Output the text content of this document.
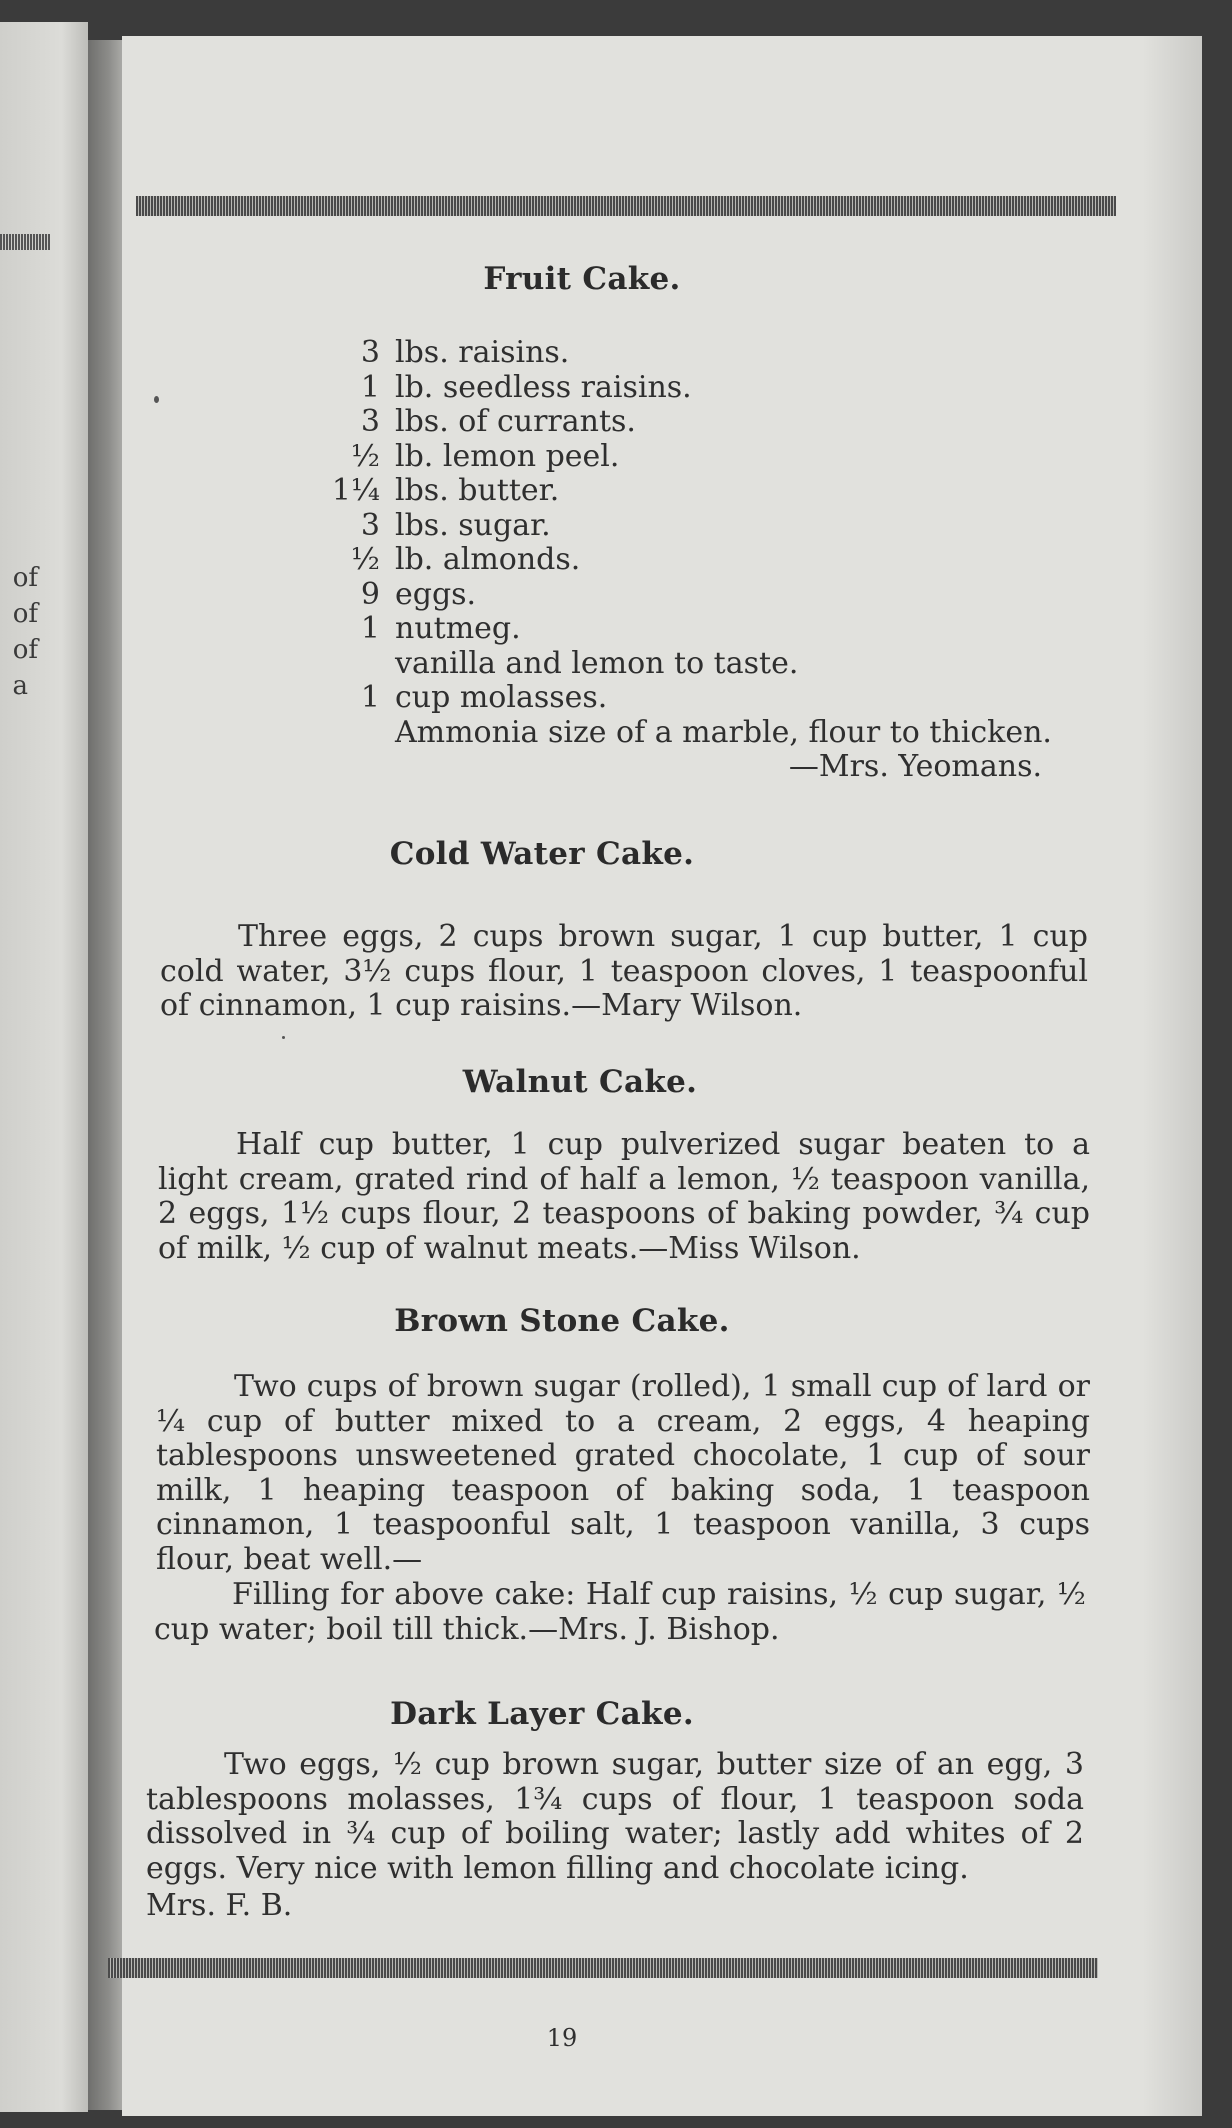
of
of
of
a
Fruit Cake.
3 lbs. raisins.
1 lb. seedless raisins.
3 lbs. of currants.
½ lb. lemon peel.
1¼ lbs. butter.
3 lbs. sugar.
½ lb. almonds.
9 eggs.
1 nutmeg.
vanilla and lemon to taste.
1 cup molasses.
Ammonia size of a marble, flour to thicken.
—Mrs. Yeomans.
Cold Water Cake.

Three eggs, 2 cups brown sugar, 1 cup butter, 1 cup cold water, 3½ cups flour, 1 teaspoon cloves, 1 teaspoonful of cinnamon, 1 cup raisins.—Mary Wilson.

Walnut Cake.

Half cup butter, 1 cup pulverized sugar beaten to a light cream, grated rind of half a lemon, ½ teaspoon vanilla, 2 eggs, 1½ cups flour, 2 teaspoons of baking powder, ¾ cup of milk, ½ cup of walnut meats.—Miss Wilson.

Brown Stone Cake.

Two cups of brown sugar (rolled), 1 small cup of lard or ¼ cup of butter mixed to a cream, 2 eggs, 4 heaping tablespoons unsweetened grated chocolate, 1 cup of sour milk, 1 heaping teaspoon of baking soda, 1 teaspoon cinnamon, 1 teaspoonful salt, 1 teaspoon vanilla, 3 cups flour, beat well.—

Filling for above cake: Half cup raisins, ½ cup sugar, ½ cup water; boil till thick.—Mrs. J. Bishop.

Dark Layer Cake.

Two eggs, ½ cup brown sugar, butter size of an egg, 3 tablespoons molasses, 1¾ cups of flour, 1 teaspoon soda dissolved in ¾ cup of boiling water; lastly add whites of 2 eggs. Very nice with lemon filling and chocolate icing.

Mrs. F. B.
19
